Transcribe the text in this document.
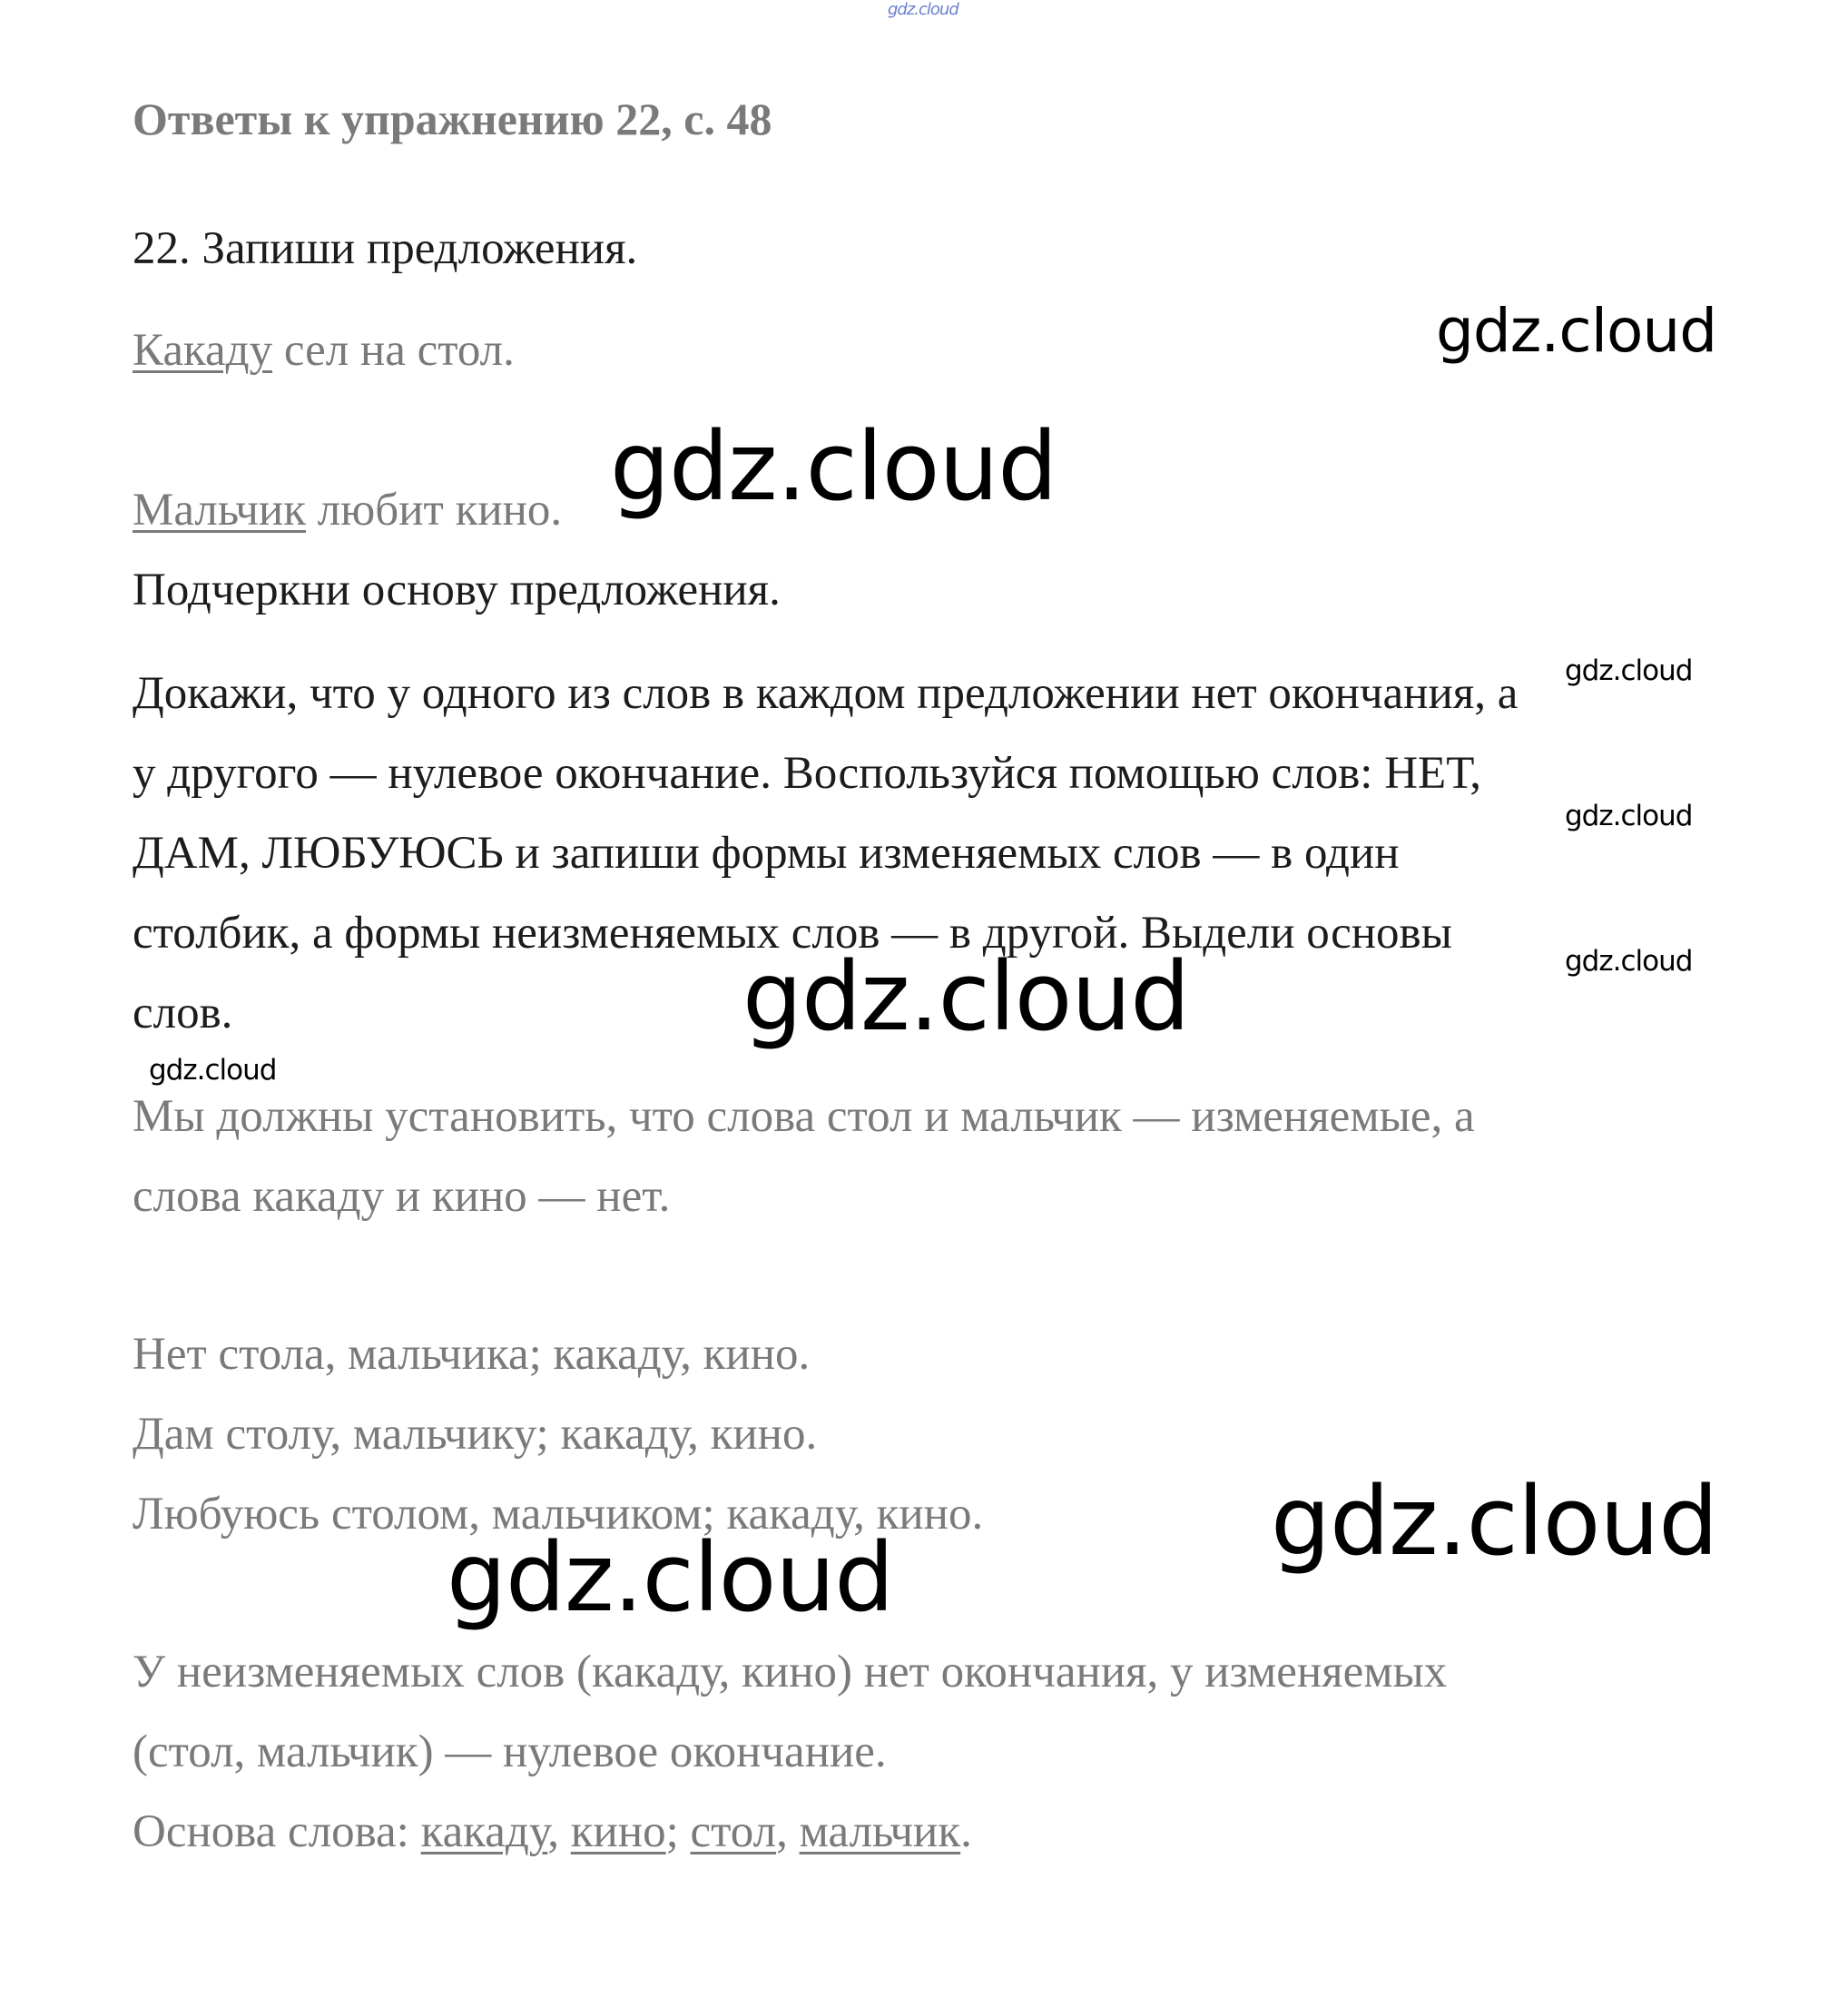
gdz.cloud
Ответы к упражнению 22, с. 48
22. Запиши предложения.
Какаду сел на стол.
Мальчик любит кино.
Подчеркни основу предложения.
Докажи, что у одного из слов в каждом предложении нет окончания, а
у другого — нулевое окончание. Воспользуйся помощью слов: НЕТ,
ДАМ, ЛЮБУЮСЬ и запиши формы изменяемых слов — в один
столбик, а формы неизменяемых слов — в другой. Выдели основы
слов.
Мы должны установить, что слова стол и мальчик — изменяемые, а
слова какаду и кино — нет.
Нет стола, мальчика; какаду, кино.
Дам столу, мальчику; какаду, кино.
Любуюсь столом, мальчиком; какаду, кино.
У неизменяемых слов (какаду, кино) нет окончания, у изменяемых
(стол, мальчик) — нулевое окончание.
Основа слова: какаду, кино; стол, мальчик.
gdz.cloud
gdz.cloud
gdz.cloud
gdz.cloud
gdz.cloud
gdz.cloud
gdz.cloud
gdz.cloud
gdz.cloud
